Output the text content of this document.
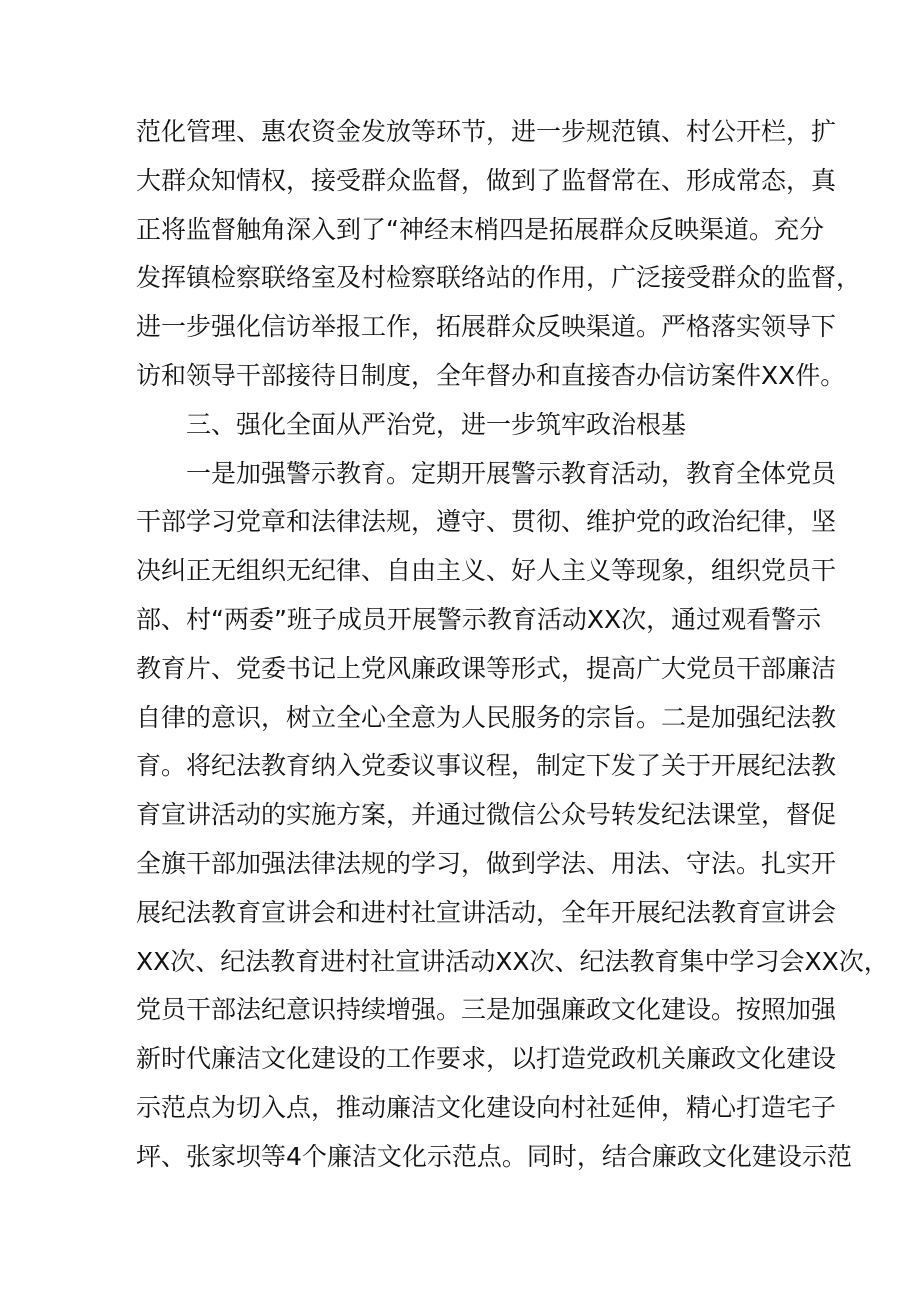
范化管理、惠农资金发放等环节，进一步规范镇、村公开栏，扩
大群众知情权，接受群众监督，做到了监督常在、形成常态，真
正将监督触角深入到了“神经末梢四是拓展群众反映渠道。充分
发挥镇检察联络室及村检察联络站的作用，广泛接受群众的监督，
进一步强化信访举报工作，拓展群众反映渠道。严格落实领导下
访和领导干部接待日制度，全年督办和直接杳办信访案件XX件。
三、强化全面从严治党，进一步筑牢政治根基
一是加强警示教育。定期开展警示教育活动，教育全体党员
干部学习党章和法律法规，遵守、贯彻、维护党的政治纪律，坚
决纠正无组织无纪律、自由主义、好人主义等现象，组织党员干
部、村“两委”班子成员开展警示教育活动XX次，通过观看警示
教育片、党委书记上党风廉政课等形式，提高广大党员干部廉洁
自律的意识，树立全心全意为人民服务的宗旨。二是加强纪法教
育。将纪法教育纳入党委议事议程，制定下发了关于开展纪法教
育宣讲活动的实施方案，并通过微信公众号转发纪法课堂，督促
全旗干部加强法律法规的学习，做到学法、用法、守法。扎实开
展纪法教育宣讲会和进村社宣讲活动，全年开展纪法教育宣讲会
XX次、纪法教育进村社宣讲活动XX次、纪法教育集中学习会XX次，
党员干部法纪意识持续增强。三是加强廉政文化建设。按照加强
新时代廉洁文化建设的工作要求，以打造党政机关廉政文化建设
示范点为切入点，推动廉洁文化建设向村社延伸，精心打造宅子
坪、张家坝等4个廉洁文化示范点。同时，结合廉政文化建设示范
